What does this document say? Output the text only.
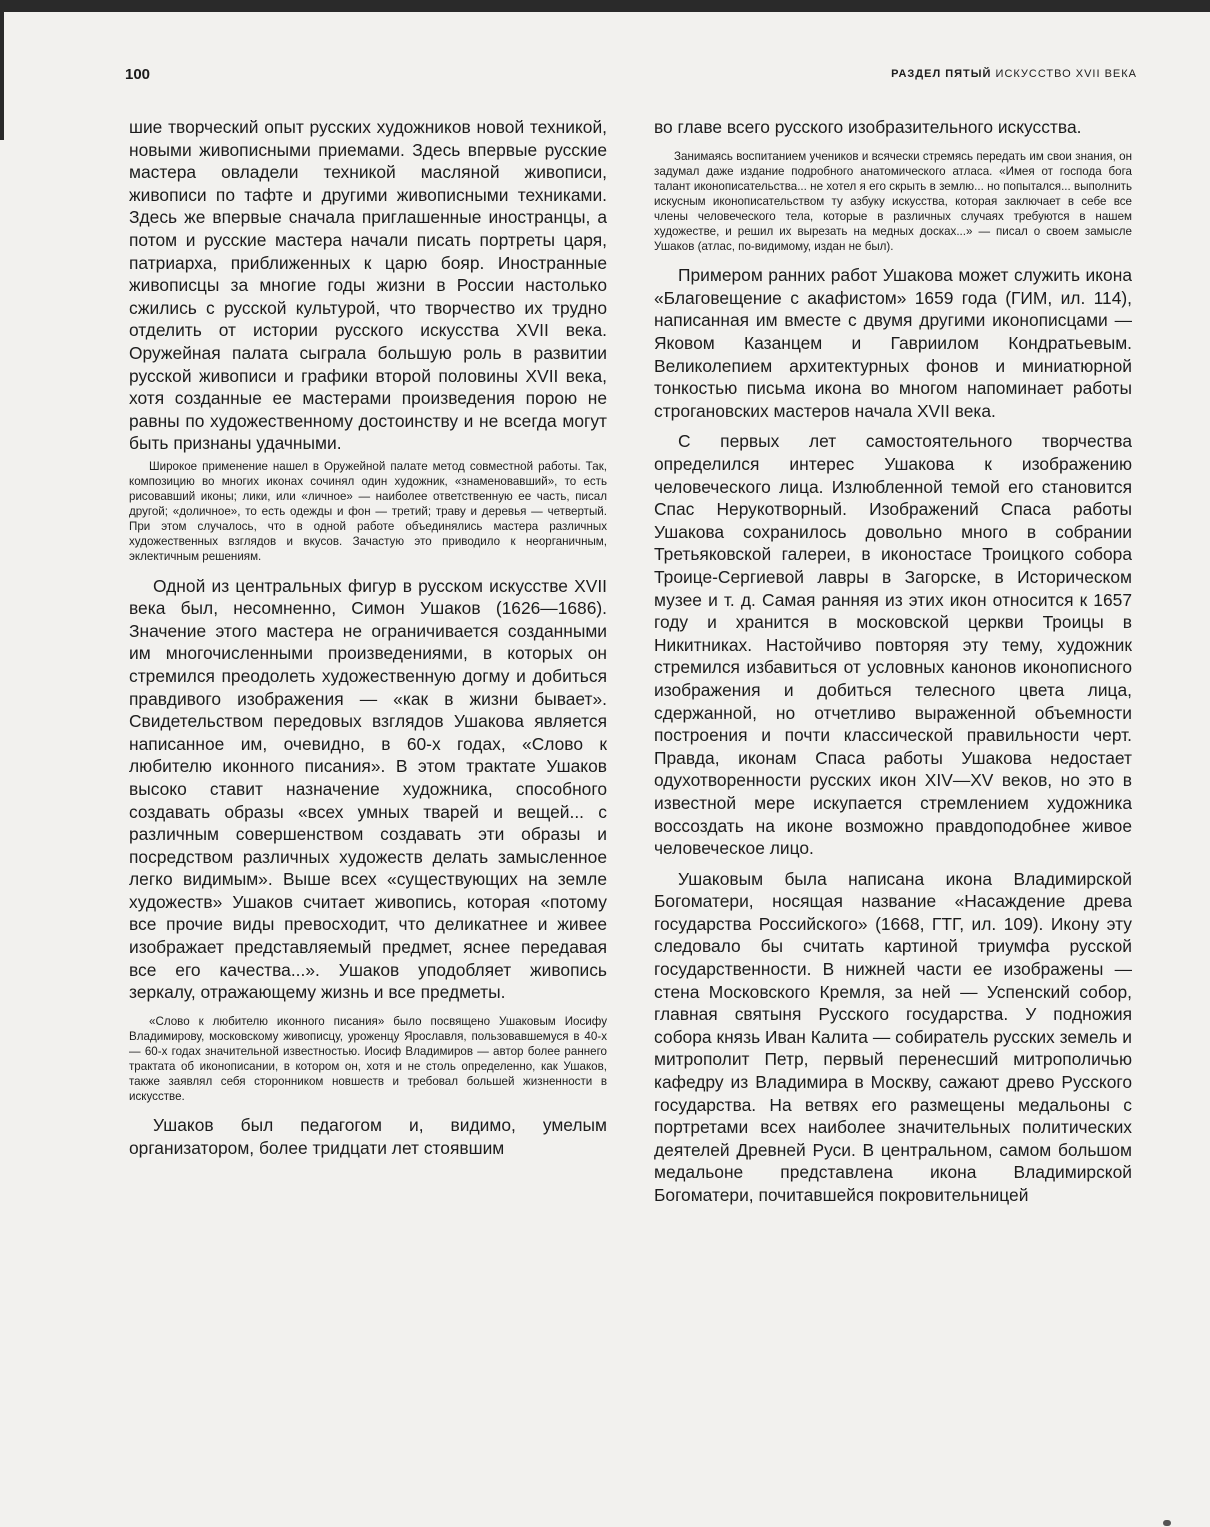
100	РАЗДЕЛ ПЯТЫЙ ИСКУССТВО XVII ВЕКА

шие творческий опыт русских художников новой техникой, новыми живописными приемами. Здесь впервые русские мастера овладели техникой масляной живописи, живописи по тафте и другими живописными техниками. Здесь же впервые сначала приглашенные иностранцы, а потом и русские мастера начали писать портреты царя, патриарха, приближенных к царю бояр. Иностранные живописцы за многие годы жизни в России настолько сжились с русской культурой, что творчество их трудно отделить от истории русского искусства XVII века. Оружейная палата сыграла большую роль в развитии русской живописи и графики второй половины XVII века, хотя созданные ее мастерами произведения порою не равны по художественному достоинству и не всегда могут быть признаны удачными.

Широкое применение нашел в Оружейной палате метод совместной работы. Так, композицию во многих иконах сочинял один художник, «знаменовавший», то есть рисовавший иконы; лики, или «личное» — наиболее ответственную ее часть, писал другой; «доличное», то есть одежды и фон — третий; траву и деревья — четвертый. При этом случалось, что в одной работе объединялись мастера различных художественных взглядов и вкусов. Зачастую это приводило к неорганичным, эклектичным решениям.

Одной из центральных фигур в русском искусстве XVII века был, несомненно, Симон Ушаков (1626—1686). Значение этого мастера не ограничивается созданными им многочисленными произведениями, в которых он стремился преодолеть художественную догму и добиться правдивого изображения — «как в жизни бывает». Свидетельством передовых взглядов Ушакова является написанное им, очевидно, в 60-х годах, «Слово к любителю иконного писания». В этом трактате Ушаков высоко ставит назначение художника, способного создавать образы «всех умных тварей и вещей... с различным совершенством создавать эти образы и посредством различных художеств делать замысленное легко видимым». Выше всех «существующих на земле художеств» Ушаков считает живопись, которая «потому все прочие виды превосходит, что деликатнее и живее изображает представляемый предмет, яснее передавая все его качества...». Ушаков уподобляет живопись зеркалу, отражающему жизнь и все предметы.

«Слово к любителю иконного писания» было посвящено Ушаковым Иосифу Владимирову, московскому живописцу, уроженцу Ярославля, пользовавшемуся в 40-х — 60-х годах значительной известностью. Иосиф Владимиров — автор более раннего трактата об иконописании, в котором он, хотя и не столь определенно, как Ушаков, также заявлял себя сторонником новшеств и требовал большей жизненности в искусстве.

Ушаков был педагогом и, видимо, умелым организатором, более тридцати лет стоявшим

во главе всего русского изобразительного искусства.

Занимаясь воспитанием учеников и всячески стремясь передать им свои знания, он задумал даже издание подробного анатомического атласа. «Имея от господа бога талант иконописательства... не хотел я его скрыть в землю... но попытался... выполнить искусным иконописательством ту азбуку искусства, которая заключает в себе все члены человеческого тела, которые в различных случаях требуются в нашем художестве, и решил их вырезать на медных досках...» — писал о своем замысле Ушаков (атлас, по-видимому, издан не был).

Примером ранних работ Ушакова может служить икона «Благовещение с акафистом» 1659 года (ГИМ, ил. 114), написанная им вместе с двумя другими иконописцами — Яковом Казанцем и Гавриилом Кондратьевым. Великолепием архитектурных фонов и миниатюрной тонкостью письма икона во многом напоминает работы строгановских мастеров начала XVII века.

С первых лет самостоятельного творчества определился интерес Ушакова к изображению человеческого лица. Излюбленной темой его становится Спас Нерукотворный. Изображений Спаса работы Ушакова сохранилось довольно много в собрании Третьяковской галереи, в иконостасе Троицкого собора Троице-Сергиевой лавры в Загорске, в Историческом музее и т. д. Самая ранняя из этих икон относится к 1657 году и хранится в московской церкви Троицы в Никитниках. Настойчиво повторяя эту тему, художник стремился избавиться от условных канонов иконописного изображения и добиться телесного цвета лица, сдержанной, но отчетливо выраженной объемности построения и почти классической правильности черт. Правда, иконам Спаса работы Ушакова недостает одухотворенности русских икон XIV—XV веков, но это в известной мере искупается стремлением художника воссоздать на иконе возможно правдоподобнее живое человеческое лицо.

Ушаковым была написана икона Владимирской Богоматери, носящая название «Насаждение древа государства Российского» (1668, ГТГ, ил. 109). Икону эту следовало бы считать картиной триумфа русской государственности. В нижней части ее изображены — стена Московского Кремля, за ней — Успенский собор, главная святыня Русского государства. У подножия собора князь Иван Калита — собиратель русских земель и митрополит Петр, первый перенесший митрополичью кафедру из Владимира в Москву, сажают древо Русского государства. На ветвях его размещены медальоны с портретами всех наиболее значительных политических деятелей Древней Руси. В центральном, самом большом медальоне представлена икона Владимирской Богоматери, почитавшейся покровительницей
